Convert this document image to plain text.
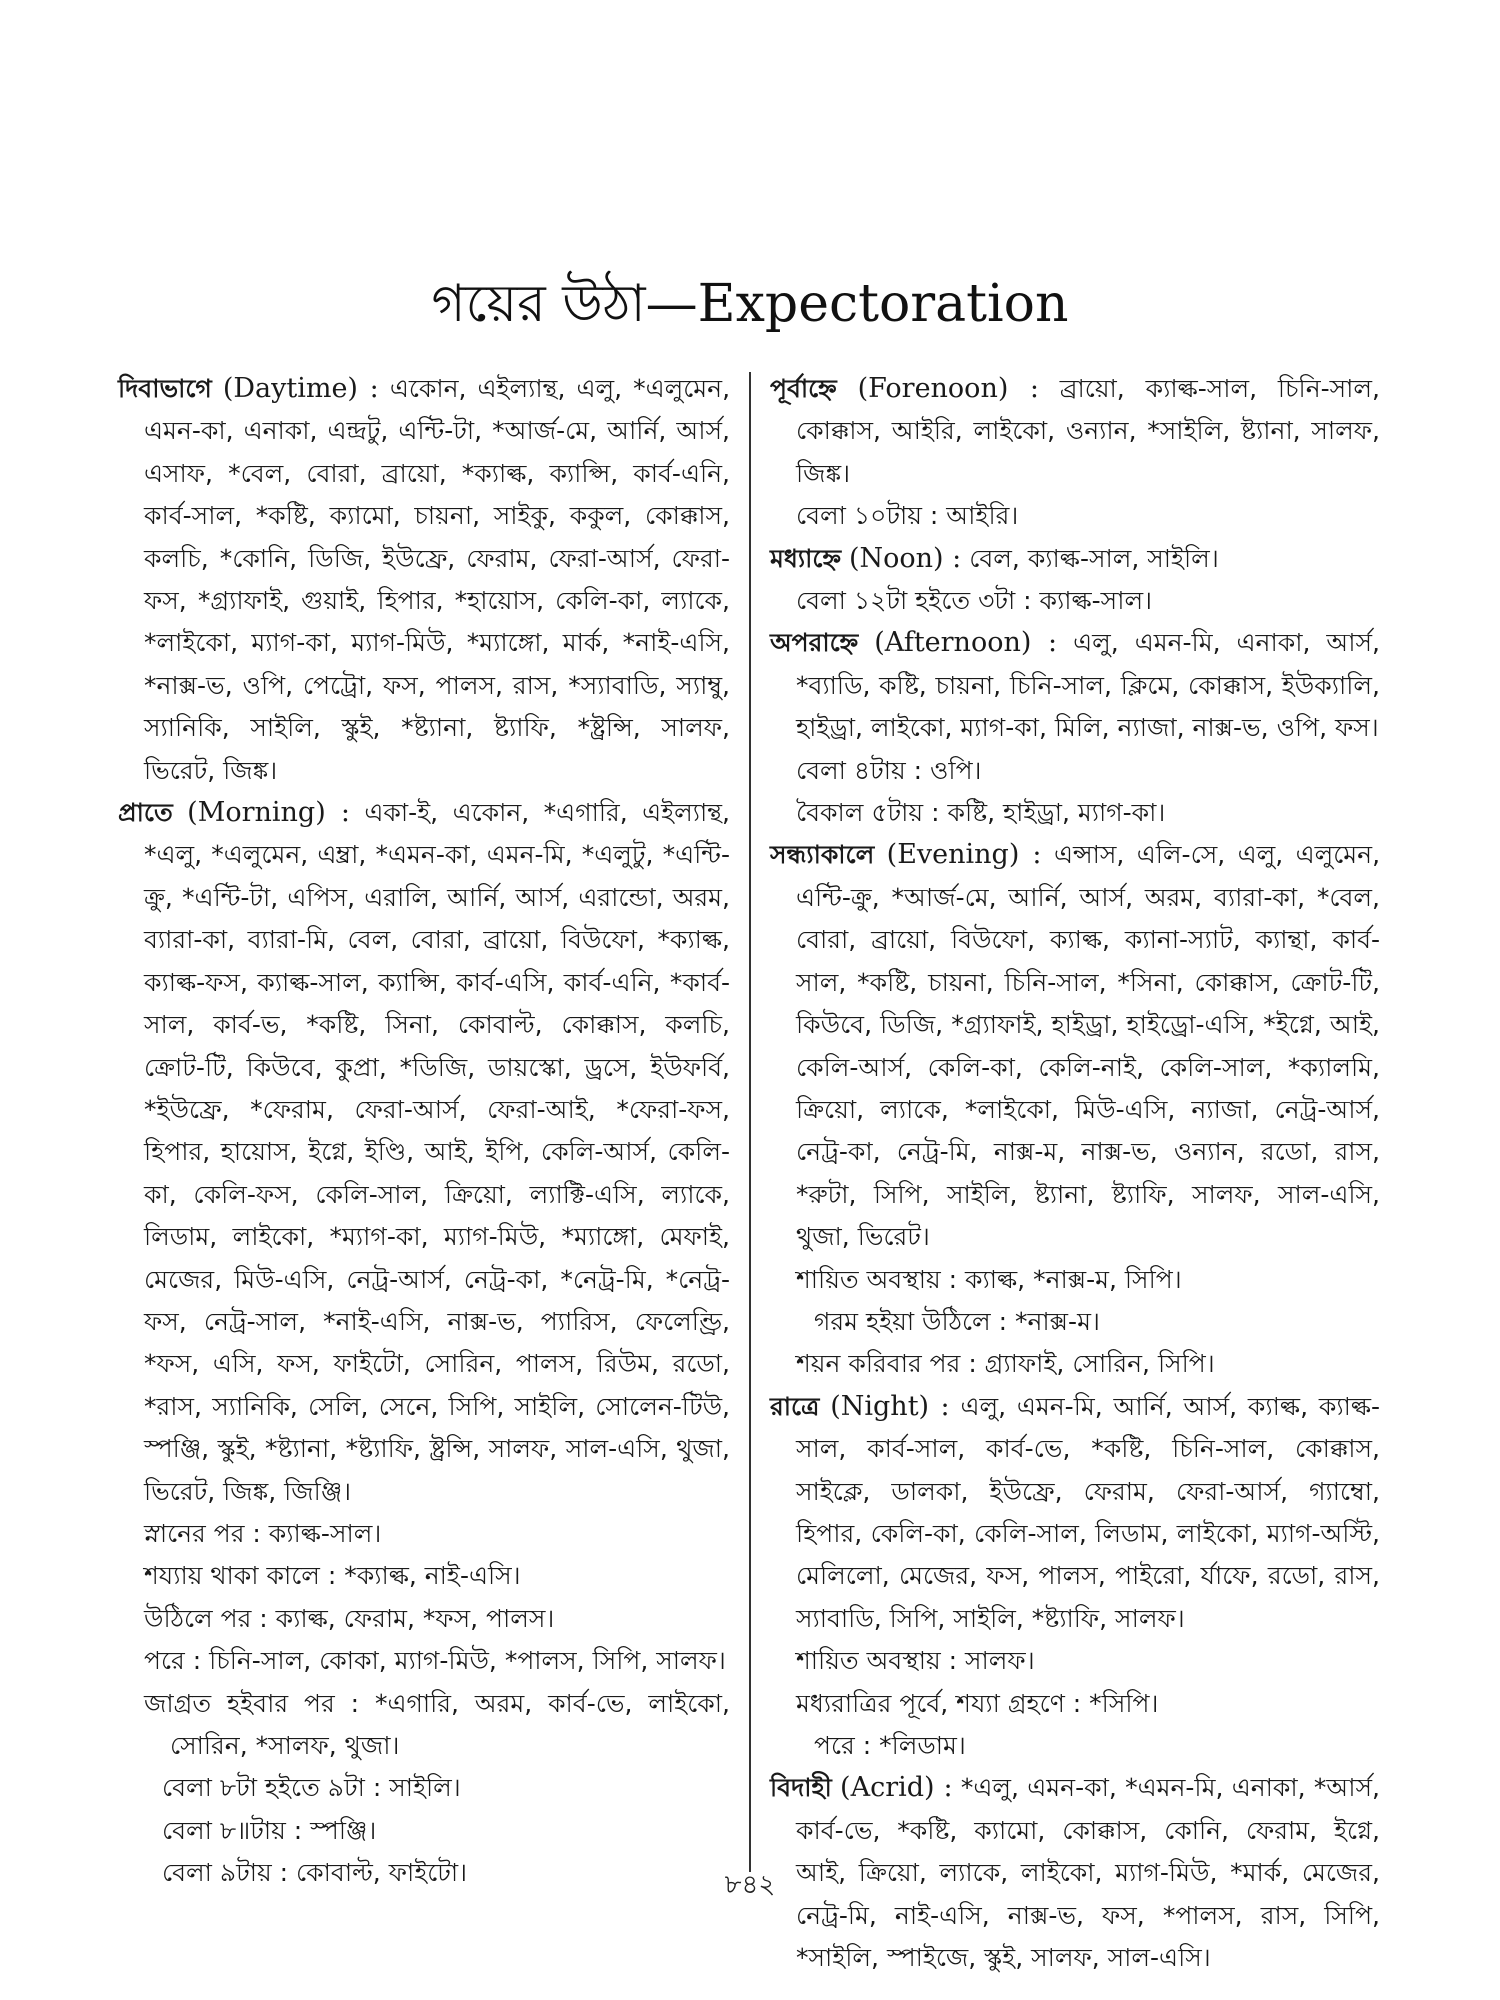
গয়ের উঠা—Expectoration

দিবাভাগে (Daytime) : একোন, এইল্যান্থ, এলু, *এলুমেন, এমন-কা, এনাকা, এন্দ্রটু, এন্টি-টা, *আর্জ-মে, আর্নি, আর্স, এসাফ, *বেল, বোরা, ব্রায়ো, *ক্যাল্ক, ক্যাপ্সি, কার্ব-এনি, কার্ব-সাল, *কষ্টি, ক্যামো, চায়না, সাইকু, ককুল, কোক্কাস, কলচি, *কোনি, ডিজি, ইউফ্রে, ফেরাম, ফেরা-আর্স, ফেরা-ফস, *গ্র্যাফাই, গুয়াই, হিপার, *হায়োস, কেলি-কা, ল্যাকে, *লাইকো, ম্যাগ-কা, ম্যাগ-মিউ, *ম্যাঙ্গো, মার্ক, *নাই-এসি, *নাক্স-ভ, ওপি, পেট্রো, ফস, পালস, রাস, *স্যাবাডি, স্যাম্বু, স্যানিকি, সাইলি, স্কুই, *ষ্ট্যানা, ষ্ট্যাফি, *ষ্ট্রন্সি, সালফ, ভিরেট, জিঙ্ক।

প্রাতে (Morning) : একা-ই, একোন, *এগারি, এইল্যান্থ, *এলু, *এলুমেন, এম্ব্রা, *এমন-কা, এমন-মি, *এলুটু, *এন্টি-ক্রু, *এন্টি-টা, এপিস, এরালি, আর্নি, আর্স, এরান্ডো, অরম, ব্যারা-কা, ব্যারা-মি, বেল, বোরা, ব্রায়ো, বিউফো, *ক্যাল্ক, ক্যাল্ক-ফস, ক্যাল্ক-সাল, ক্যাপ্সি, কার্ব-এসি, কার্ব-এনি, *কার্ব-সাল, কার্ব-ভ, *কষ্টি, সিনা, কোবাল্ট, কোক্কাস, কলচি, ক্রোট-টি, কিউবে, কুপ্রা, *ডিজি, ডায়স্কো, ড্রসে, ইউফর্বি, *ইউফ্রে, *ফেরাম, ফেরা-আর্স, ফেরা-আই, *ফেরা-ফস, হিপার, হায়োস, ইগ্নে, ইণ্ডি, আই, ইপি, কেলি-আর্স, কেলি-কা, কেলি-ফস, কেলি-সাল, ক্রিয়ো, ল্যাক্টি-এসি, ল্যাকে, লিডাম, লাইকো, *ম্যাগ-কা, ম্যাগ-মিউ, *ম্যাঙ্গো, মেফাই, মেজের, মিউ-এসি, নেট্র-আর্স, নেট্র-কা, *নেট্র-মি, *নেট্র-ফস, নেট্র-সাল, *নাই-এসি, নাক্স-ভ, প্যারিস, ফেলেণ্ড্রি, *ফস, এসি, ফস, ফাইটো, সোরিন, পালস, রিউম, রডো, *রাস, স্যানিকি, সেলি, সেনে, সিপি, সাইলি, সোলেন-টিউ, স্পঞ্জি, স্কুই, *ষ্ট্যানা, *ষ্ট্যাফি, ষ্ট্রন্সি, সালফ, সাল-এসি, থুজা, ভিরেট, জিঙ্ক, জিঞ্জি।

স্নানের পর : ক্যাল্ক-সাল।

শয্যায় থাকা কালে : *ক্যাল্ক, নাই-এসি।

উঠিলে পর : ক্যাল্ক, ফেরাম, *ফস, পালস।

পরে : চিনি-সাল, কোকা, ম্যাগ-মিউ, *পালস, সিপি, সালফ।

জাগ্রত হইবার পর : *এগারি, অরম, কার্ব-ভে, লাইকো, সোরিন, *সালফ, থুজা।

বেলা ৮টা হইতে ৯টা : সাইলি।

বেলা ৮॥টায় : স্পঞ্জি।

বেলা ৯টায় : কোবাল্ট, ফাইটো।

পূর্বাহ্নে (Forenoon) : ব্রায়ো, ক্যাল্ক-সাল, চিনি-সাল, কোক্কাস, আইরি, লাইকো, ওন্যান, *সাইলি, ষ্ট্যানা, সালফ, জিঙ্ক।

বেলা ১০টায় : আইরি।

মধ্যাহ্নে (Noon) : বেল, ক্যাল্ক-সাল, সাইলি।

বেলা ১২টা হইতে ৩টা : ক্যাল্ক-সাল।

অপরাহ্নে (Afternoon) : এলু, এমন-মি, এনাকা, আর্স, *ব্যাডি, কষ্টি, চায়না, চিনি-সাল, ক্লিমে, কোক্কাস, ইউক্যালি, হাইড্রা, লাইকো, ম্যাগ-কা, মিলি, ন্যাজা, নাক্স-ভ, ওপি, ফস।

বেলা ৪টায় : ওপি।

বৈকাল ৫টায় : কষ্টি, হাইড্রা, ম্যাগ-কা।

সন্ধ্যাকালে (Evening) : এন্সাস, এলি-সে, এলু, এলুমেন, এন্টি-ক্রু, *আর্জ-মে, আর্নি, আর্স, অরম, ব্যারা-কা, *বেল, বোরা, ব্রায়ো, বিউফো, ক্যাল্ক, ক্যানা-স্যাট, ক্যান্থা, কার্ব-সাল, *কষ্টি, চায়না, চিনি-সাল, *সিনা, কোক্কাস, ক্রোট-টি, কিউবে, ডিজি, *গ্র্যাফাই, হাইড্রা, হাইড্রো-এসি, *ইগ্নে, আই, কেলি-আর্স, কেলি-কা, কেলি-নাই, কেলি-সাল, *ক্যালমি, ক্রিয়ো, ল্যাকে, *লাইকো, মিউ-এসি, ন্যাজা, নেট্র-আর্স, নেট্র-কা, নেট্র-মি, নাক্স-ম, নাক্স-ভ, ওন্যান, রডো, রাস, *রুটা, সিপি, সাইলি, ষ্ট্যানা, ষ্ট্যাফি, সালফ, সাল-এসি, থুজা, ভিরেট।

শায়িত অবস্থায় : ক্যাল্ক, *নাক্স-ম, সিপি।

গরম হইয়া উঠিলে : *নাক্স-ম।

শয়ন করিবার পর : গ্র্যাফাই, সোরিন, সিপি।

রাত্রে (Night) : এলু, এমন-মি, আর্নি, আর্স, ক্যাল্ক, ক্যাল্ক-সাল, কার্ব-সাল, কার্ব-ভে, *কষ্টি, চিনি-সাল, কোক্কাস, সাইক্লে, ডালকা, ইউফ্রে, ফেরাম, ফেরা-আর্স, গ্যাম্বো, হিপার, কেলি-কা, কেলি-সাল, লিডাম, লাইকো, ম্যাগ-অস্টি, মেলিলো, মেজের, ফস, পালস, পাইরো, র্যাফে, রডো, রাস, স্যাবাডি, সিপি, সাইলি, *ষ্ট্যাফি, সালফ।

শায়িত অবস্থায় : সালফ।

মধ্যরাত্রির পূর্বে, শয্যা গ্রহণে : *সিপি।

পরে : *লিডাম।

বিদাহী (Acrid) : *এলু, এমন-কা, *এমন-মি, এনাকা, *আর্স, কার্ব-ভে, *কষ্টি, ক্যামো, কোক্কাস, কোনি, ফেরাম, ইগ্নে, আই, ক্রিয়ো, ল্যাকে, লাইকো, ম্যাগ-মিউ, *মার্ক, মেজের, নেট্র-মি, নাই-এসি, নাক্স-ভ, ফস, *পালস, রাস, সিপি, *সাইলি, স্পাইজে, স্কুই, সালফ, সাল-এসি।

৮৪২
